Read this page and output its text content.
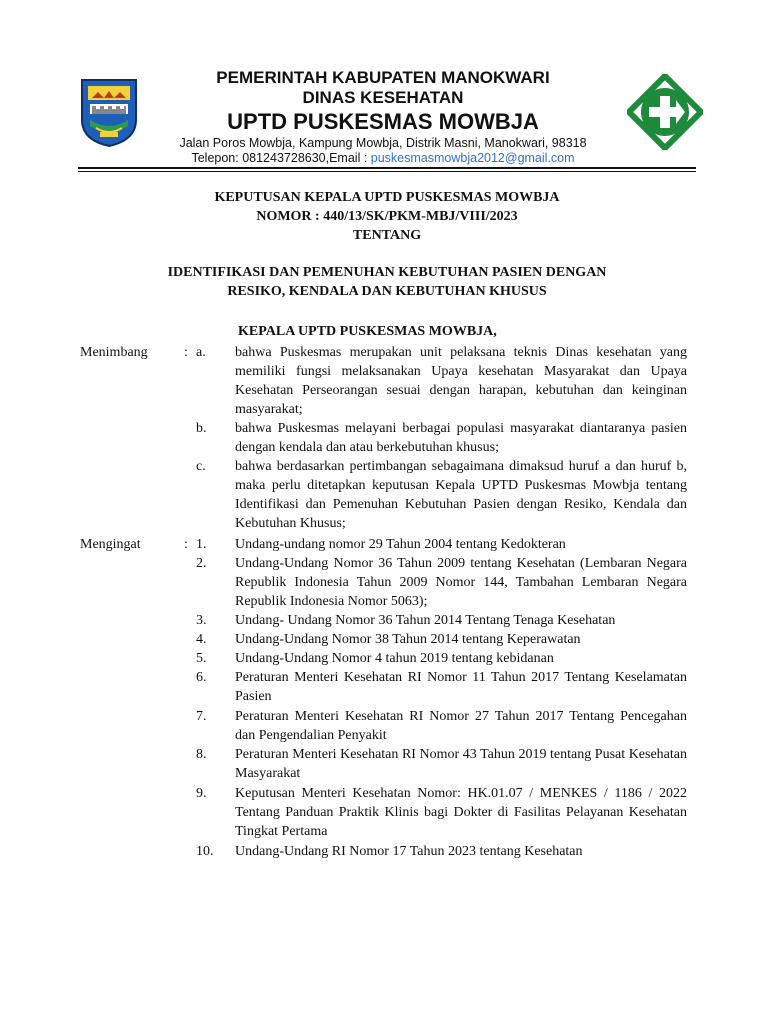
PEMERINTAH KABUPATEN MANOKWARI
DINAS KESEHATAN
UPTD PUSKESMAS MOWBJA
Jalan Poros Mowbja, Kampung Mowbja, Distrik Masni, Manokwari, 98318
Telepon: 081243728630,Email : puskesmasmowbja2012@gmail.com
KEPUTUSAN KEPALA UPTD PUSKESMAS MOWBJA
NOMOR : 440/13/SK/PKM-MBJ/VIII/2023
TENTANG
IDENTIFIKASI DAN PEMENUHAN KEBUTUHAN PASIEN DENGAN
RESIKO, KENDALA DAN KEBUTUHAN KHUSUS
KEPALA UPTD PUSKESMAS MOWBJA,
Menimbang	: a.	bahwa Puskesmas merupakan unit pelaksana teknis Dinas kesehatan yang memiliki fungsi melaksanakan Upaya kesehatan Masyarakat dan Upaya Kesehatan Perseorangan sesuai dengan harapan, kebutuhan dan keinginan masyarakat;
b.	bahwa Puskesmas melayani berbagai populasi masyarakat diantaranya pasien dengan kendala dan atau berkebutuhan khusus;
c.	bahwa berdasarkan pertimbangan sebagaimana dimaksud huruf a dan huruf b, maka perlu ditetapkan keputusan Kepala UPTD Puskesmas Mowbja tentang Identifikasi dan Pemenuhan Kebutuhan Pasien dengan Resiko, Kendala dan Kebutuhan Khusus;
Mengingat	: 1.	Undang-undang nomor 29 Tahun 2004 tentang Kedokteran
2.	Undang-Undang Nomor 36 Tahun 2009 tentang Kesehatan (Lembaran Negara Republik Indonesia Tahun 2009 Nomor 144, Tambahan Lembaran Negara Republik Indonesia Nomor 5063);
3.	Undang- Undang Nomor 36 Tahun 2014 Tentang Tenaga Kesehatan
4.	Undang-Undang Nomor 38 Tahun 2014 tentang Keperawatan
5.	Undang-Undang Nomor 4 tahun 2019 tentang kebidanan
6.	Peraturan Menteri Kesehatan RI Nomor 11 Tahun 2017 Tentang Keselamatan Pasien
7.	Peraturan Menteri Kesehatan RI Nomor 27 Tahun 2017 Tentang Pencegahan dan Pengendalian Penyakit
8.	Peraturan Menteri Kesehatan RI Nomor 43 Tahun 2019 tentang Pusat Kesehatan Masyarakat
9.	Keputusan Menteri Kesehatan Nomor: HK.01.07 / MENKES / 1186 / 2022 Tentang Panduan Praktik Klinis bagi Dokter di Fasilitas Pelayanan Kesehatan Tingkat Pertama
10.	Undang-Undang RI Nomor 17 Tahun 2023 tentang Kesehatan
